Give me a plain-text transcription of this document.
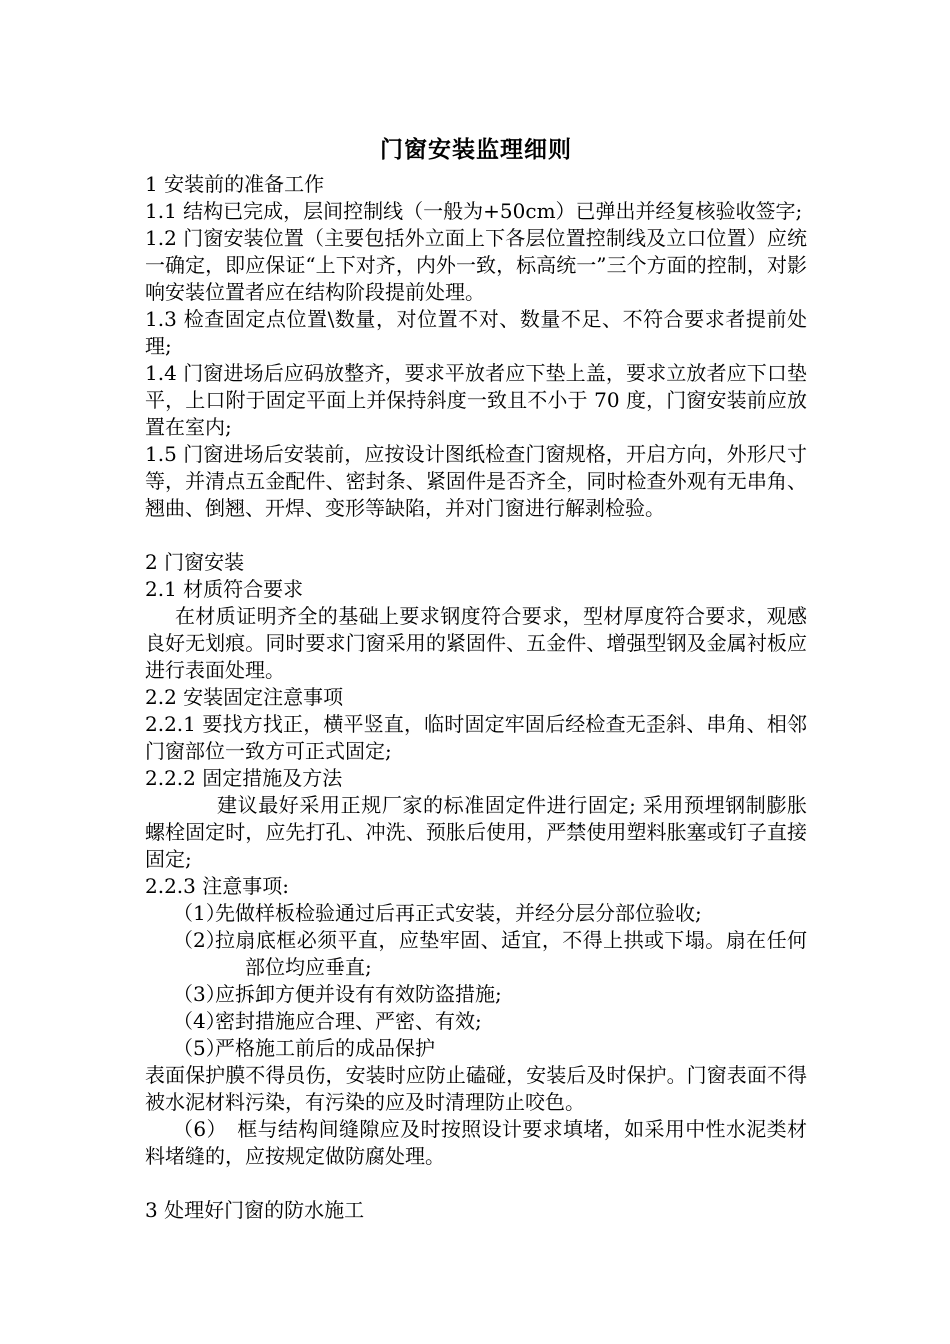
门窗安装监理细则

1 安装前的准备工作

1.1 结构已完成，层间控制线（一般为+50cm）已弹出并经复核验收签字;

1.2 门窗安装位置（主要包括外立面上下各层位置控制线及立口位置）应统一确定，即应保证“上下对齐，内外一致，标高统一”三个方面的控制，对影响安装位置者应在结构阶段提前处理。

1.3 检查固定点位置\数量，对位置不对、数量不足、不符合要求者提前处理;

1.4 门窗进场后应码放整齐，要求平放者应下垫上盖，要求立放者应下口垫平，上口附于固定平面上并保持斜度一致且不小于 70 度，门窗安装前应放置在室内;

1.5 门窗进场后安装前，应按设计图纸检查门窗规格，开启方向，外形尺寸等，并清点五金配件、密封条、紧固件是否齐全，同时检查外观有无串角、翘曲、倒翘、开焊、变形等缺陷，并对门窗进行解剥检验。

2 门窗安装

2.1 材质符合要求

在材质证明齐全的基础上要求钢度符合要求，型材厚度符合要求，观感良好无划痕。同时要求门窗采用的紧固件、五金件、增强型钢及金属衬板应进行表面处理。

2.2 安装固定注意事项

2.2.1 要找方找正，横平竖直，临时固定牢固后经检查无歪斜、串角、相邻门窗部位一致方可正式固定;

2.2.2 固定措施及方法

建议最好采用正规厂家的标准固定件进行固定; 采用预埋钢制膨胀螺栓固定时，应先打孔、冲洗、预胀后使用，严禁使用塑料胀塞或钉子直接固定;

2.2.3 注意事项:

（1）
先做样板检验通过后再正式安装，并经分层分部位验收;
（2）
拉扇底框必须平直，应垫牢固、适宜，不得上拱或下塌。扇在任何部位均应垂直;
（3）
应拆卸方便并设有有效防盗措施;
（4）
密封措施应合理、严密、有效;
（5）
严格施工前后的成品保护

表面保护膜不得员伤，安装时应防止磕碰，安装后及时保护。门窗表面不得被水泥材料污染，有污染的应及时清理防止咬色。

（6）　 框与结构间缝隙应及时按照设计要求填堵，如采用中性水泥类材料堵缝的，应按规定做防腐处理。

3 处理好门窗的防水施工
